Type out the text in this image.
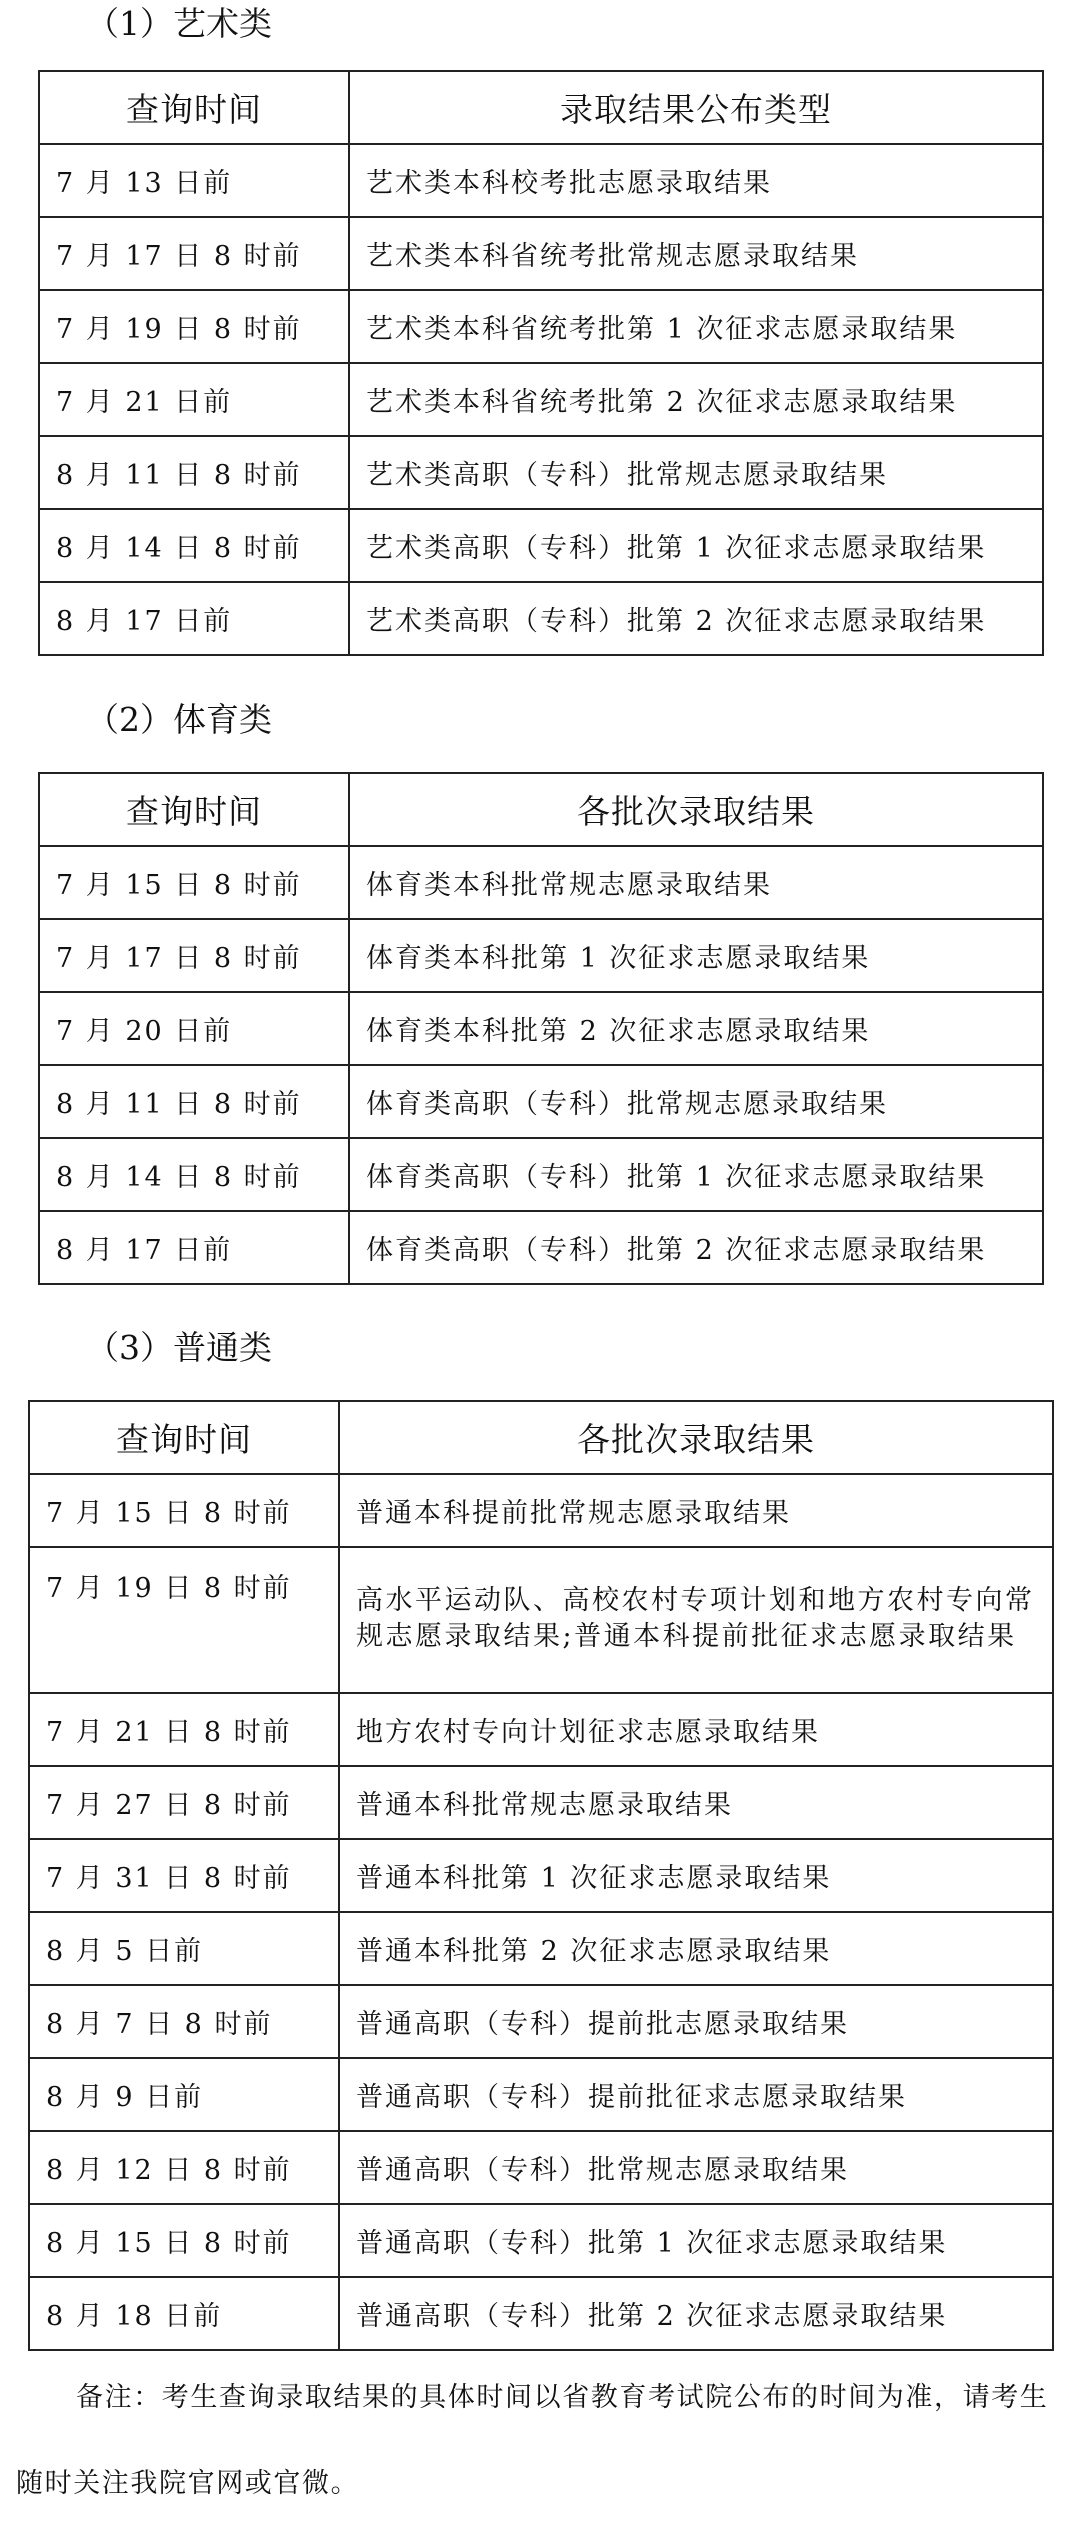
（1）艺术类
查询时间	录取结果公布类型
7 月 13 日前	艺术类本科校考批志愿录取结果
7 月 17 日 8 时前	艺术类本科省统考批常规志愿录取结果
7 月 19 日 8 时前	艺术类本科省统考批第 1 次征求志愿录取结果
7 月 21 日前	艺术类本科省统考批第 2 次征求志愿录取结果
8 月 11 日 8 时前	艺术类高职（专科）批常规志愿录取结果
8 月 14 日 8 时前	艺术类高职（专科）批第 1 次征求志愿录取结果
8 月 17 日前	艺术类高职（专科）批第 2 次征求志愿录取结果
（2）体育类
查询时间	各批次录取结果
7 月 15 日 8 时前	体育类本科批常规志愿录取结果
7 月 17 日 8 时前	体育类本科批第 1 次征求志愿录取结果
7 月 20 日前	体育类本科批第 2 次征求志愿录取结果
8 月 11 日 8 时前	体育类高职（专科）批常规志愿录取结果
8 月 14 日 8 时前	体育类高职（专科）批第 1 次征求志愿录取结果
8 月 17 日前	体育类高职（专科）批第 2 次征求志愿录取结果
（3）普通类
查询时间	各批次录取结果
7 月 15 日 8 时前	普通本科提前批常规志愿录取结果
7 月 19 日 8 时前	高水平运动队、高校农村专项计划和地方农村专向常规志愿录取结果;普通本科提前批征求志愿录取结果
7 月 21 日 8 时前	地方农村专向计划征求志愿录取结果
7 月 27 日 8 时前	普通本科批常规志愿录取结果
7 月 31 日 8 时前	普通本科批第 1 次征求志愿录取结果
8 月 5 日前	普通本科批第 2 次征求志愿录取结果
8 月 7 日 8 时前	普通高职（专科）提前批志愿录取结果
8 月 9 日前	普通高职（专科）提前批征求志愿录取结果
8 月 12 日 8 时前	普通高职（专科）批常规志愿录取结果
8 月 15 日 8 时前	普通高职（专科）批第 1 次征求志愿录取结果
8 月 18 日前	普通高职（专科）批第 2 次征求志愿录取结果
备注：考生查询录取结果的具体时间以省教育考试院公布的时间为准，请考生随时关注我院官网或官微。
